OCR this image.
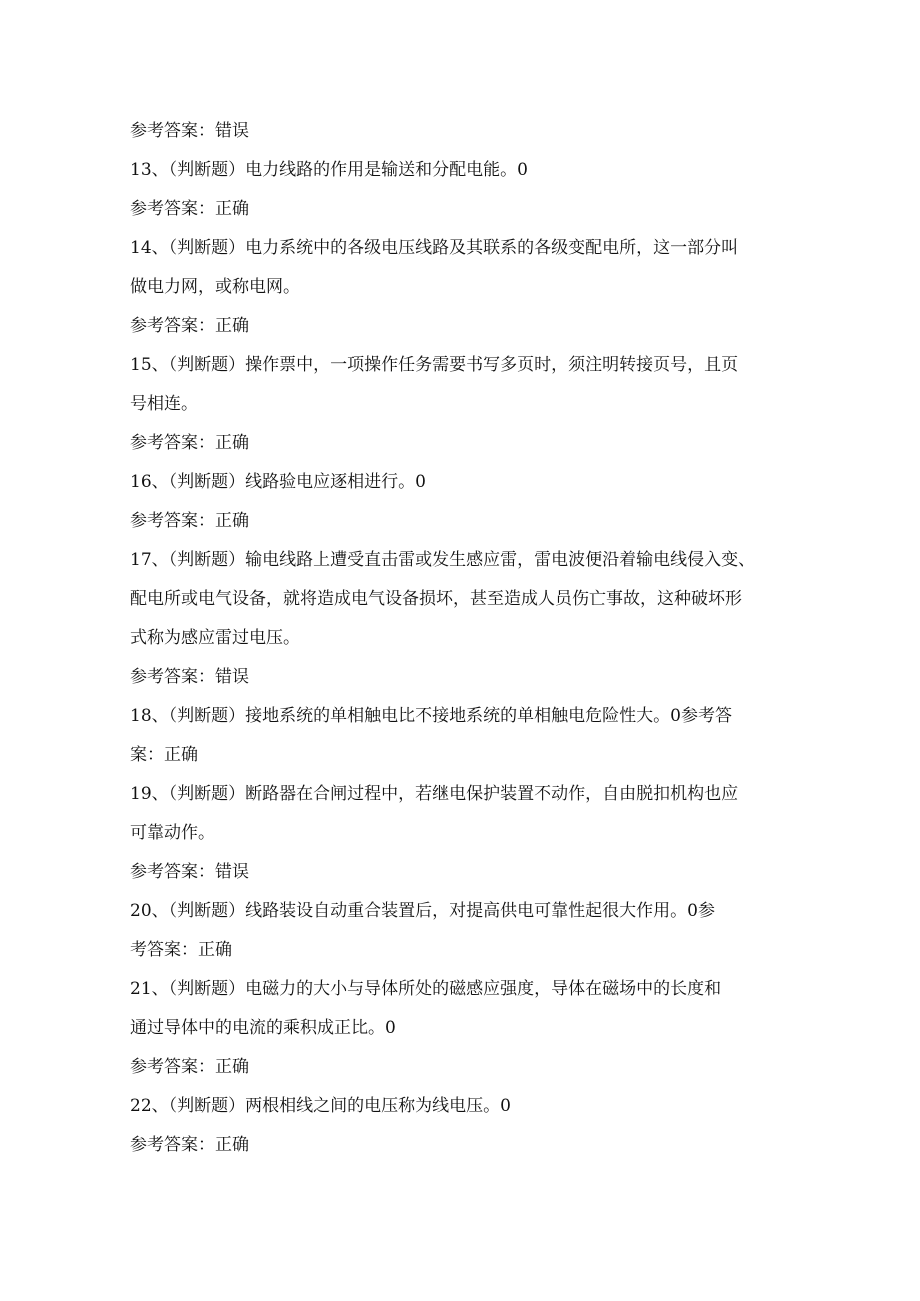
参考答案：错误
13、（判断题）电力线路的作用是输送和分配电能。0
参考答案：正确
14、（判断题）电力系统中的各级电压线路及其联系的各级变配电所，这一部分叫
做电力网，或称电网。
参考答案：正确
15、（判断题）操作票中，一项操作任务需要书写多页时，须注明转接页号，且页
号相连。
参考答案：正确
16、（判断题）线路验电应逐相进行。0
参考答案：正确
17、（判断题）输电线路上遭受直击雷或发生感应雷，雷电波便沿着输电线侵入变、
配电所或电气设备，就将造成电气设备损坏，甚至造成人员伤亡事故，这种破坏形
式称为感应雷过电压。
参考答案：错误
18、（判断题）接地系统的单相触电比不接地系统的单相触电危险性大。0参考答
案：正确
19、（判断题）断路器在合闸过程中，若继电保护装置不动作，自由脱扣机构也应
可靠动作。
参考答案：错误
20、（判断题）线路装设自动重合装置后，对提高供电可靠性起很大作用。0参
考答案：正确
21、（判断题）电磁力的大小与导体所处的磁感应强度，导体在磁场中的长度和
通过导体中的电流的乘积成正比。0
参考答案：正确
22、（判断题）两根相线之间的电压称为线电压。0
参考答案：正确
